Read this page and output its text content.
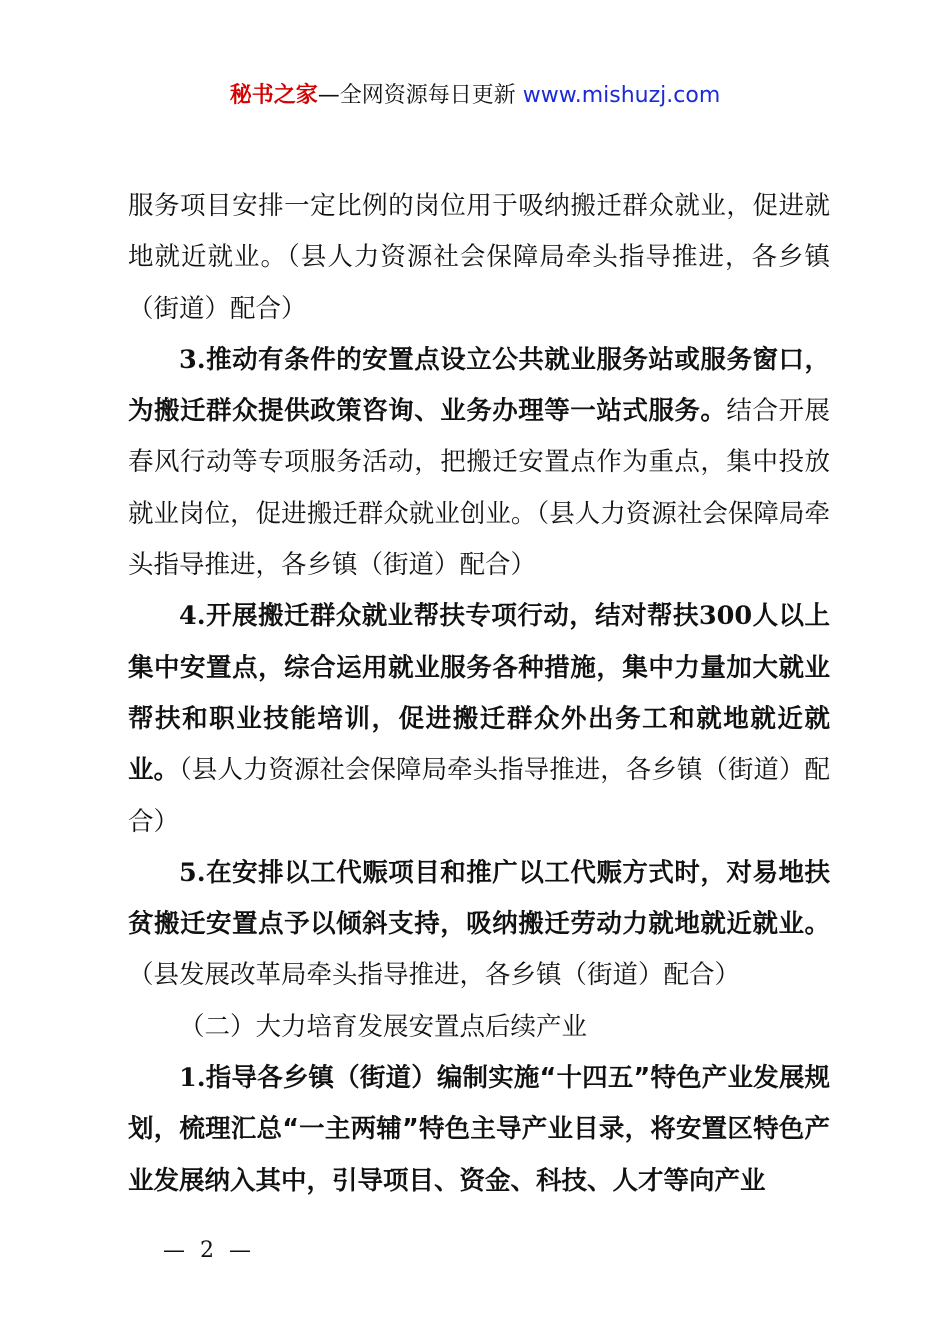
秘书之家—全网资源每日更新 www.mishuzj.com

服务项目安排一定比例的岗位用于吸纳搬迁群众就业，促进就地就近就业。（县人力资源社会保障局牵头指导推进，各乡镇（街道）配合）

3.推动有条件的安置点设立公共就业服务站或服务窗口，为搬迁群众提供政策咨询、业务办理等一站式服务。结合开展春风行动等专项服务活动，把搬迁安置点作为重点，集中投放就业岗位，促进搬迁群众就业创业。（县人力资源社会保障局牵头指导推进，各乡镇（街道）配合）

4.开展搬迁群众就业帮扶专项行动，结对帮扶300人以上集中安置点，综合运用就业服务各种措施，集中力量加大就业帮扶和职业技能培训，促进搬迁群众外出务工和就地就近就业。（县人力资源社会保障局牵头指导推进，各乡镇（街道）配合）

5.在安排以工代赈项目和推广以工代赈方式时，对易地扶贫搬迁安置点予以倾斜支持，吸纳搬迁劳动力就地就近就业。（县发展改革局牵头指导推进，各乡镇（街道）配合）

（二）大力培育发展安置点后续产业

1.指导各乡镇（街道）编制实施“十四五”特色产业发展规划，梳理汇总“一主两辅”特色主导产业目录，将安置区特色产业发展纳入其中，引导项目、资金、科技、人才等向产业

— 2 —
